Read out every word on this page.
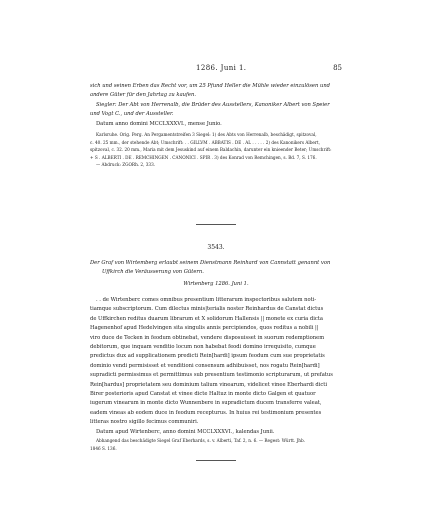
1286. Juni 1.	85
sich und seinen Erben das Recht vor, um 25 Pfund Heller die Mühle wieder einzulösen und
andere Güter für den Jahrtag zu kaufen.
Siegler: Der Abt von Herrenalb, die Brüder des Ausstellers, Kanoniker Albert von Speier
und Vogt C., und der Aussteller.
Datum anno domini MCCLXXXVI., mense Junio.
Karlsruhe. Orig. Perg. An Pergamentstreifen 3 Siegel: 1) des Abts von Herrenalb, beschädigt, spitzoval,
c. 40. 25 mm., der stehende Abt; Umschrift: . . GILLVM . ABBATIS . DE . AL . . . . . 2) des Kanonikers Albert,
spitzoval, c. 32. 20 mm., Maria mit dem Jesuskind auf einem Baldachin, darunter ein knieender Beter; Umschrift:
+ S . ALBERTI . DE . REMCHINGEN . CANONICI . SPIR . 3) des Konrad von Remchingen, s. Bd. 7, S. 176.
— Abdruck: ZGORh. 2, 333.
3543.
Der Graf von Wirtemberg erlaubt seinem Dienstmann Reinhard von Cannstatt genannt von
Uffkirch die Veräusserung von Gütern.
Wirtenberg 1286. Juni 1.
. . de Wirtenberc comes omnibus presentium litterarum inspectoribus salutem noti-
tiamque subscriptorum. Cum dilectus minis|terialis noster Reinhardus de Canstat dictus
de Uffkirchen reditus duarum librarum et X solidorum Hallensis || monete ex curia dicta
Hagenenhof apud Hedelvingen sita singulis annis percipiendos, quos reditus a nobili ||
viro duce de Tecken in feodum obtinebat, vendere disposuisset in suorum redemptionem
debitorum, que inquam venditio locum non habebat feodi domino irrequisito, cumque
predictus dux ad supplicationem predicti Rein[hardi] ipsum feodum cum sue proprietatis
dominio vendi permisisset et venditioni consensum adhibuisset, nos rogatu Rein[hardi]
supradicti permissimus et permittimus sub presentium testimonio scripturarum, ut prefatus
Rein[hardus] proprietatem seu dominium talium vinearum, videlicet vinee Eberhardi dicti
Birer posterioris apud Canstat et vinee dicte Haltuz in monte dicto Galgen et quatuor
iugerum vinearum in monte dicto Wunnenbere in supradictum ducem transferre valeat,
eadem vineas ab eodem duce in feodum recepturus. In huius rei testimonium presentes
litteras nostro sigillo fecimus communiri.
Datum apud Wirtenberc, anno domini MCCLXXXVI., kalendas Junii.
Abhangend das beschädigte Siegel Graf Eberhards, s. v. Alberti, Taf. 2, n. 6. — Regest: Württ. Jhb.
1846 S. 136.
